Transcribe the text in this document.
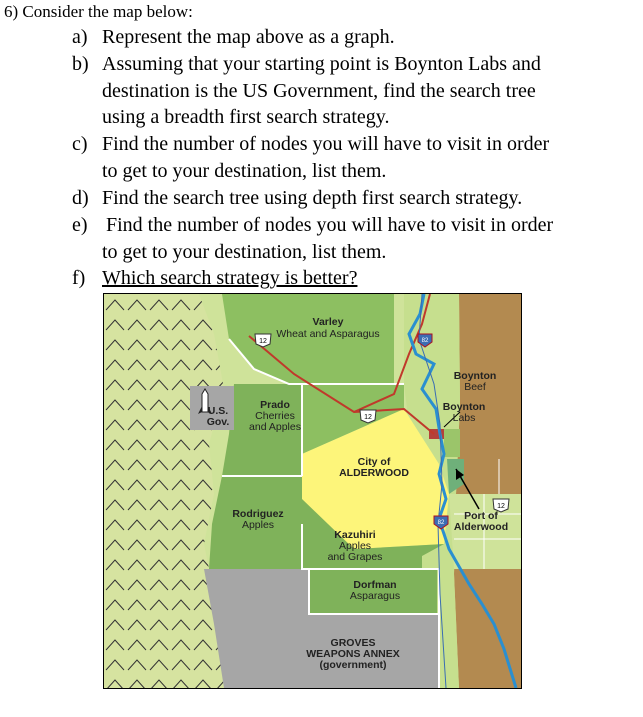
6) Consider the map below:
a) Represent the map above as a graph.
b) Assuming that your starting point is Boynton Labs and
destination is the US Government, find the search tree
using a breadth first search strategy.
c) Find the number of nodes you will have to visit in order
to get to your destination, list them.
d) Find the search tree using depth first search strategy.
e) Find the number of nodes you will have to visit in order
to get to your destination, list them.
f) Which search strategy is better?
12
12
12
82
82
Varley
Wheat and Asparagus
Prado
Cherries
and Apples
U.S.
Gov.
City of
ALDERWOOD
Boynton
Beef
Boynton
Labs
Rodriguez
Apples
Kazuhiri
Apples
and Grapes
Port of
Alderwood
Dorfman
Asparagus
GROVES
WEAPONS ANNEX
(government)
